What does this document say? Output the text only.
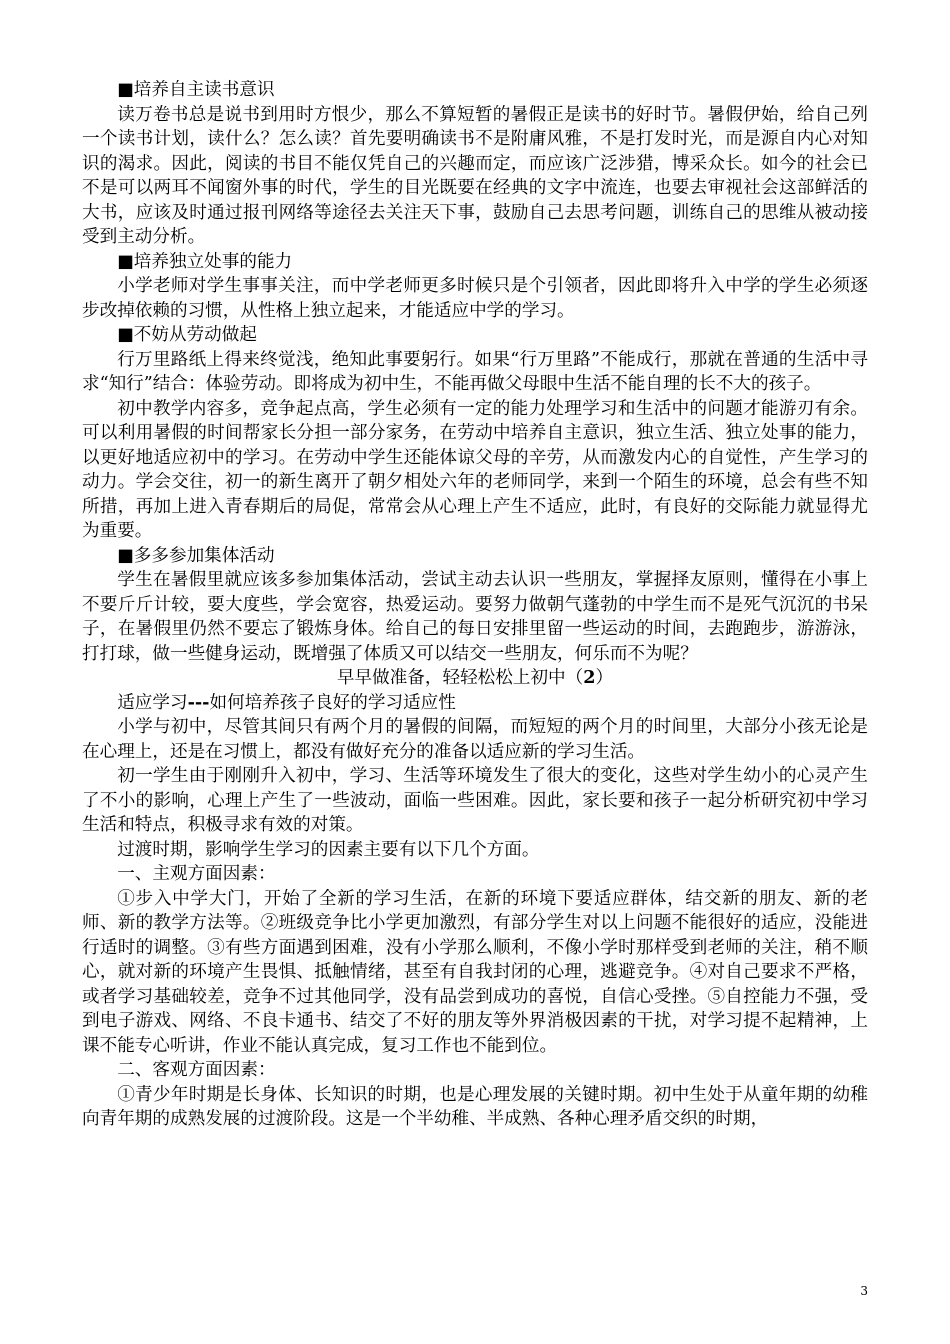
■培养自主读书意识

读万卷书总是说书到用时方恨少，那么不算短暂的暑假正是读书的好时节。暑假伊始，给自己列一个读书计划，读什么？怎么读？首先要明确读书不是附庸风雅，不是打发时光，而是源自内心对知识的渴求。因此，阅读的书目不能仅凭自己的兴趣而定，而应该广泛涉猎，博采众长。如今的社会已不是可以两耳不闻窗外事的时代，学生的目光既要在经典的文字中流连，也要去审视社会这部鲜活的大书，应该及时通过报刊网络等途径去关注天下事，鼓励自己去思考问题，训练自己的思维从被动接受到主动分析。

■培养独立处事的能力

小学老师对学生事事关注，而中学老师更多时候只是个引领者，因此即将升入中学的学生必须逐步改掉依赖的习惯，从性格上独立起来，才能适应中学的学习。

■不妨从劳动做起

行万里路纸上得来终觉浅，绝知此事要躬行。如果“行万里路”不能成行，那就在普通的生活中寻求“知行”结合：体验劳动。即将成为初中生，不能再做父母眼中生活不能自理的长不大的孩子。

初中教学内容多，竞争起点高，学生必须有一定的能力处理学习和生活中的问题才能游刃有余。可以利用暑假的时间帮家长分担一部分家务，在劳动中培养自主意识，独立生活、独立处事的能力，以更好地适应初中的学习。在劳动中学生还能体谅父母的辛劳，从而激发内心的自觉性，产生学习的动力。学会交往，初一的新生离开了朝夕相处六年的老师同学，来到一个陌生的环境，总会有些不知所措，再加上进入青春期后的局促，常常会从心理上产生不适应，此时，有良好的交际能力就显得尤为重要。

■多多参加集体活动

学生在暑假里就应该多参加集体活动，尝试主动去认识一些朋友，掌握择友原则，懂得在小事上不要斤斤计较，要大度些，学会宽容，热爱运动。要努力做朝气蓬勃的中学生而不是死气沉沉的书呆子，在暑假里仍然不要忘了锻炼身体。给自己的每日安排里留一些运动的时间，去跑跑步，游游泳，打打球，做一些健身运动，既增强了体质又可以结交一些朋友，何乐而不为呢？

早早做准备，轻轻松松上初中（2）

适应学习---如何培养孩子良好的学习适应性

小学与初中，尽管其间只有两个月的暑假的间隔，而短短的两个月的时间里，大部分小孩无论是在心理上，还是在习惯上，都没有做好充分的准备以适应新的学习生活。

初一学生由于刚刚升入初中，学习、生活等环境发生了很大的变化，这些对学生幼小的心灵产生了不小的影响，心理上产生了一些波动，面临一些困难。因此，家长要和孩子一起分析研究初中学习生活和特点，积极寻求有效的对策。

过渡时期，影响学生学习的因素主要有以下几个方面。

一、主观方面因素：

①步入中学大门，开始了全新的学习生活，在新的环境下要适应群体，结交新的朋友、新的老师、新的教学方法等。②班级竞争比小学更加激烈，有部分学生对以上问题不能很好的适应，没能进行适时的调整。③有些方面遇到困难，没有小学那么顺利，不像小学时那样受到老师的关注，稍不顺心，就对新的环境产生畏惧、抵触情绪，甚至有自我封闭的心理，逃避竞争。④对自己要求不严格，或者学习基础较差，竞争不过其他同学，没有品尝到成功的喜悦，自信心受挫。⑤自控能力不强，受到电子游戏、网络、不良卡通书、结交了不好的朋友等外界消极因素的干扰，对学习提不起精神，上课不能专心听讲，作业不能认真完成，复习工作也不能到位。

二、客观方面因素：

①青少年时期是长身体、长知识的时期，也是心理发展的关键时期。初中生处于从童年期的幼稚向青年期的成熟发展的过渡阶段。这是一个半幼稚、半成熟、各种心理矛盾交织的时期，

3
